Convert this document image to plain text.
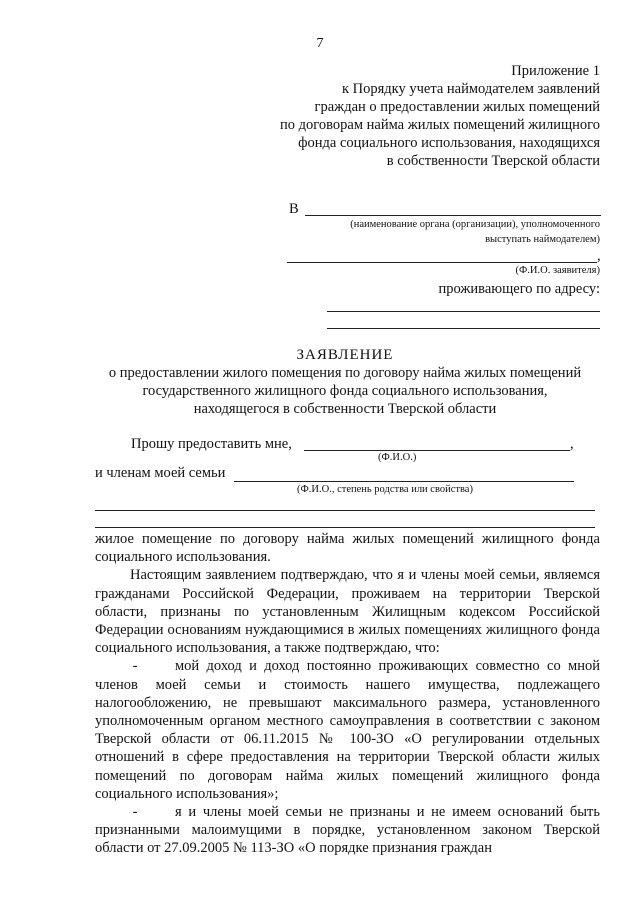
7
Приложение 1
к Порядку учета наймодателем заявлений
граждан о предоставлении жилых помещений
по договорам найма жилых помещений жилищного
фонда социального использования, находящихся
в собственности Тверской области
В
(наименование органа (организации), уполномоченного
выступать наймодателем)
,
(Ф.И.О. заявителя)
проживающего по адресу:
ЗАЯВЛЕНИЕ
о предоставлении жилого помещения по договору найма жилых помещений
государственного жилищного фонда социального использования,
находящегося в собственности Тверской области
Прошу предоставить мне,	,
(Ф.И.О.)
и членам моей семьи
(Ф.И.О., степень родства или свойства)

жилое помещение по договору найма жилых помещений жилищного фонда социального использования.

Настоящим заявлением подтверждаю, что я и члены моей семьи, являемся гражданами Российской Федерации, проживаем на территории Тверской области, признаны по установленным Жилищным кодексом Российской Федерации основаниям нуждающимися в жилых помещениях жилищного фонда социального использования, а также подтверждаю, что:

-	мой доход и доход постоянно проживающих совместно со мной членов моей семьи и стоимость нашего имущества, подлежащего налогообложению, не превышают максимального размера, установленного уполномоченным органом местного самоуправления в соответствии с законом Тверской области от 06.11.2015 № 100-ЗО «О регулировании отдельных отношений в сфере предоставления на территории Тверской области жилых помещений по договорам найма жилых помещений жилищного фонда социального использования»;

-	я и члены моей семьи не признаны и не имеем оснований быть признанными малоимущими в порядке, установленном законом Тверской области от 27.09.2005 № 113-ЗО «О порядке признания граждан
